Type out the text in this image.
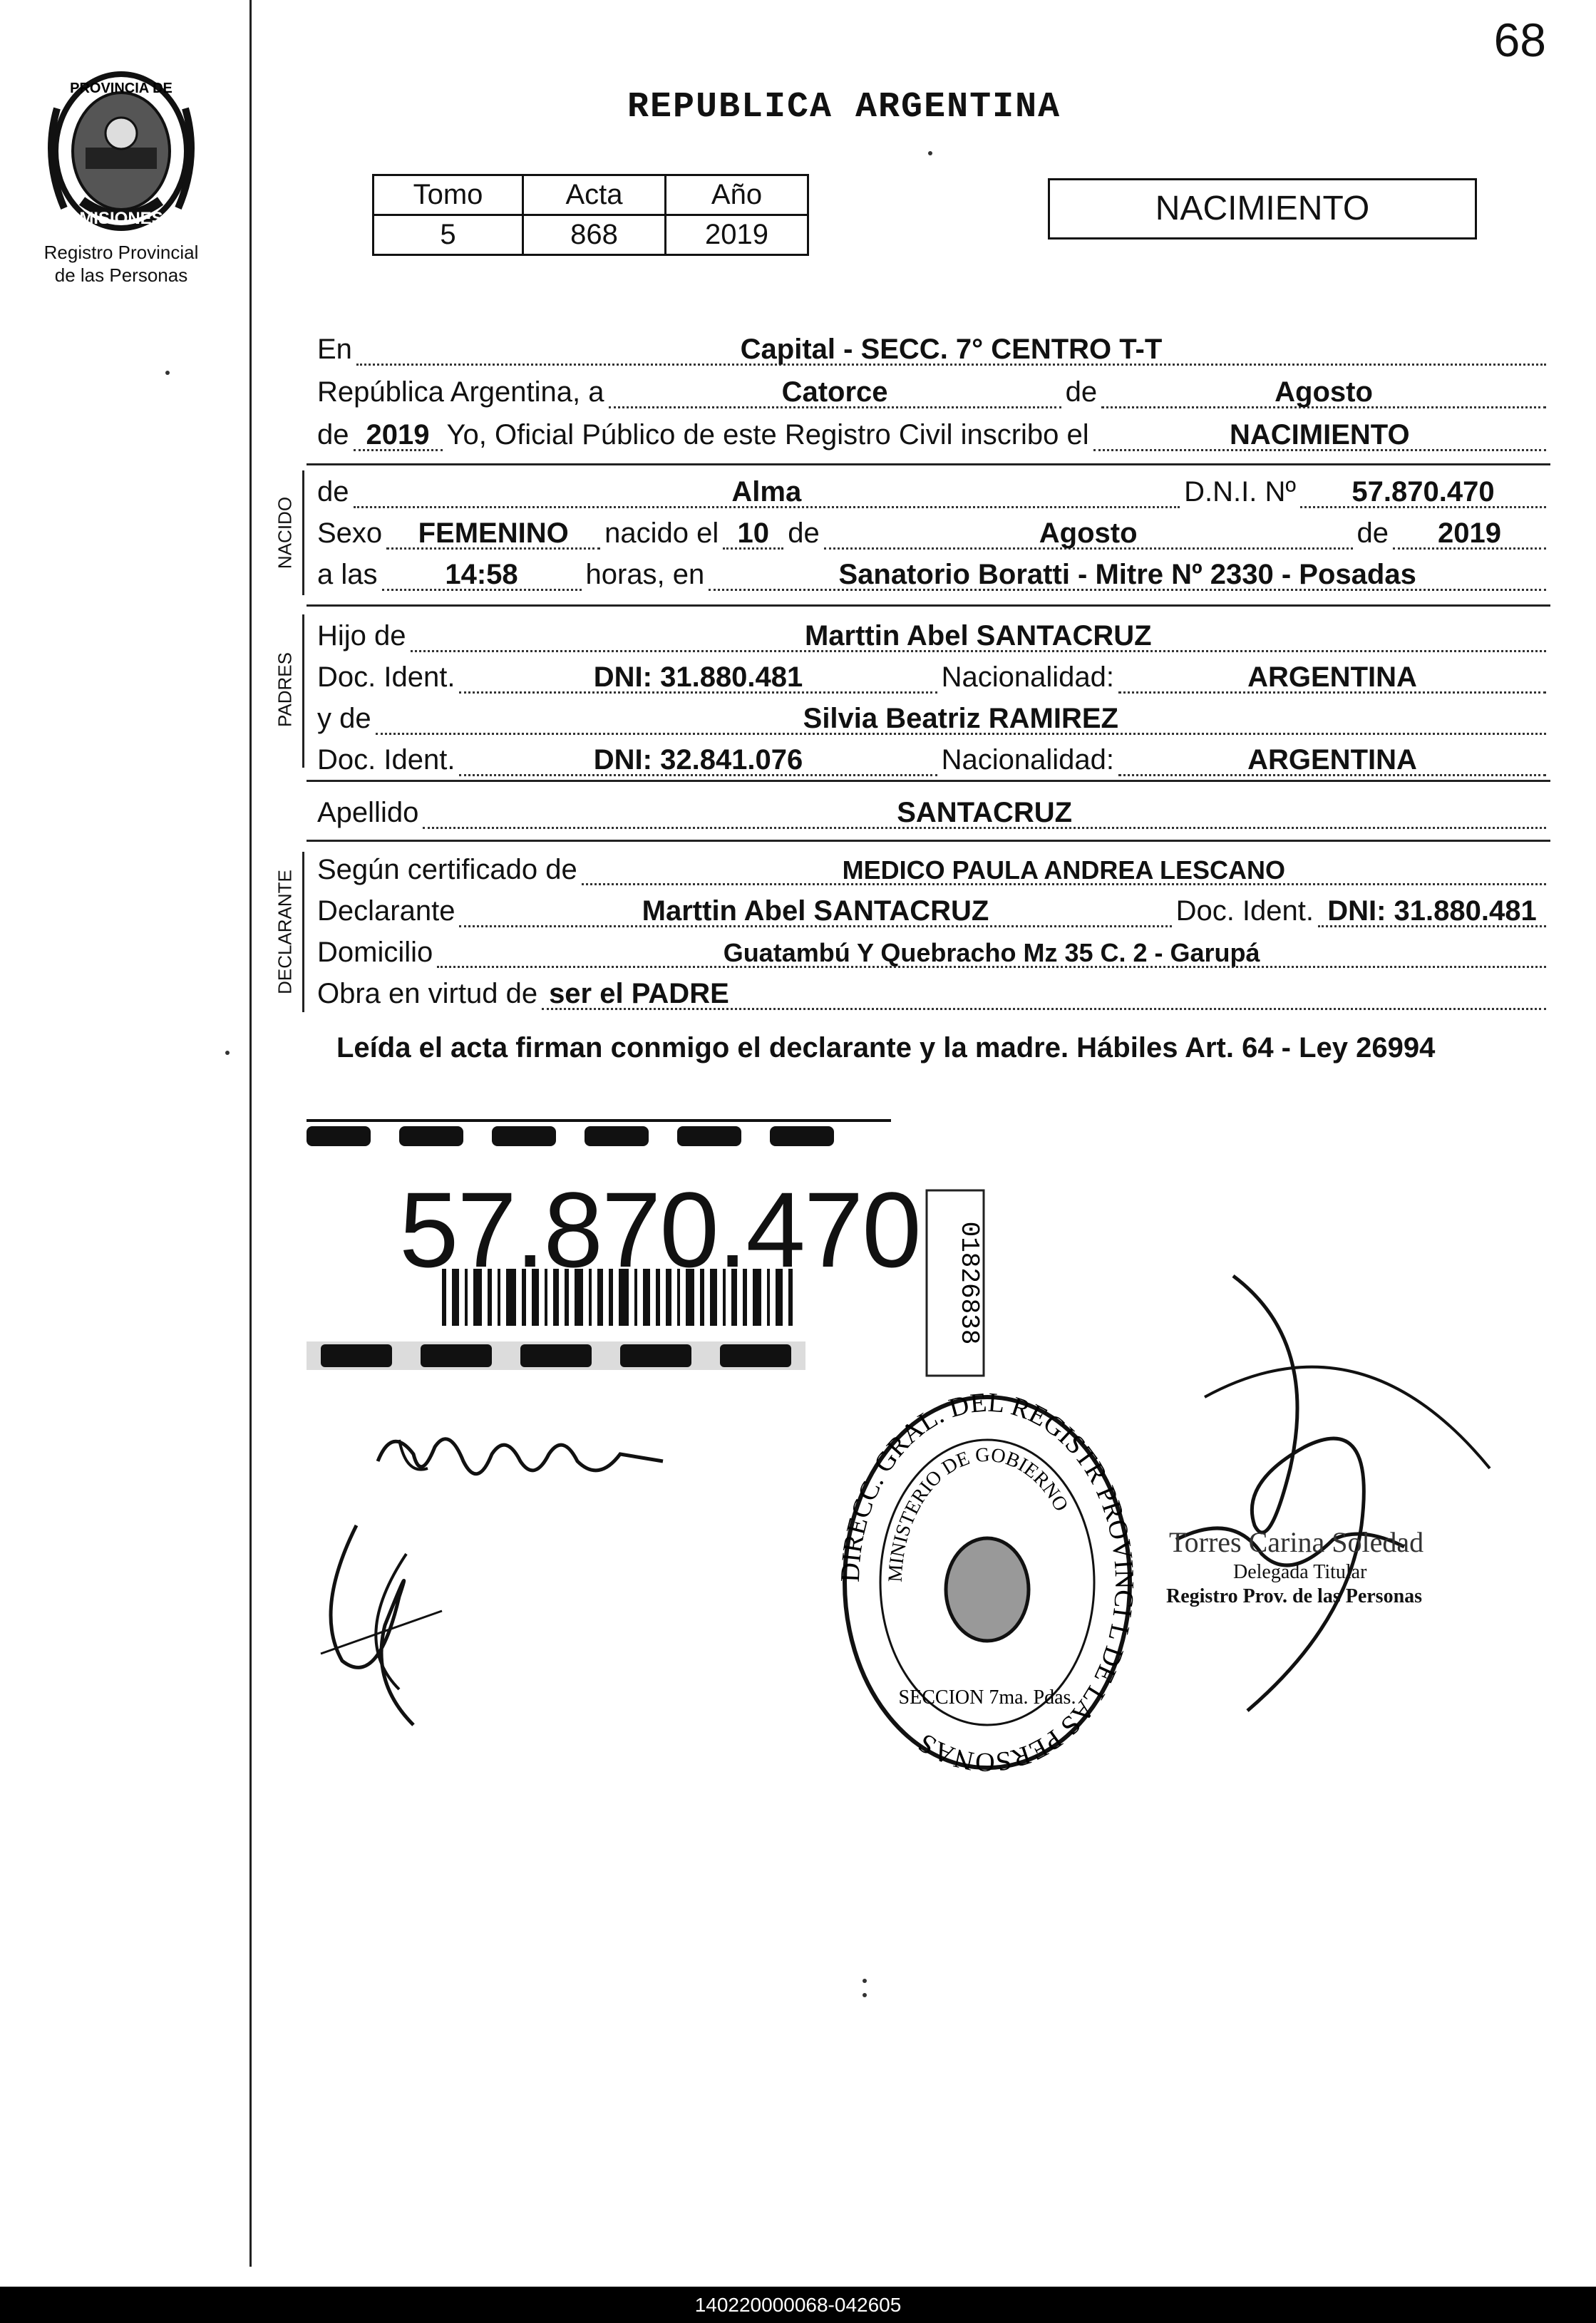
68
PROVINCIA DE
MISIONES
Registro Provincial
de las Personas
REPUBLICA ARGENTINA
Tomo	Acta	Año
5	868	2019
NACIMIENTO
En	Capital - SECC. 7° CENTRO T-T
República Argentina, a	Catorce	de	Agosto
de 2019 Yo, Oficial Público de este Registro Civil inscribo el	NACIMIENTO
NACIDO
de	Alma	D.N.I. Nº	57.870.470
Sexo	FEMENINO	nacido el 10 de	Agosto	de	2019
a las	14:58	horas, en	Sanatorio Boratti - Mitre Nº 2330 - Posadas
PADRES
Hijo de	Marttin Abel SANTACRUZ
Doc. Ident.	DNI: 31.880.481	Nacionalidad:	ARGENTINA
y de	Silvia Beatriz RAMIREZ
Doc. Ident.	DNI: 32.841.076	Nacionalidad:	ARGENTINA
Apellido	SANTACRUZ
DECLARANTE
Según certificado de	MEDICO PAULA ANDREA LESCANO
Declarante	Marttin Abel SANTACRUZ	Doc. Ident. DNI: 31.880.481
Domicilio	Guatambú Y Quebracho Mz 35 C. 2 - Garupá
Obra en virtud de ser el PADRE
Leída el acta firman conmigo el declarante y la madre. Hábiles Art. 64 - Ley 26994
57.870.470 01826838
DIRECC. GRAL. DEL REGISTR PROVINCI L DE LAS PERSONAS
MINISTERIO DE GOBIERNO
SECCION 7ma. Pdas.
Torres Carina Soledad
Delegada Titular
Registro Prov. de las Personas
140220000068-042605
